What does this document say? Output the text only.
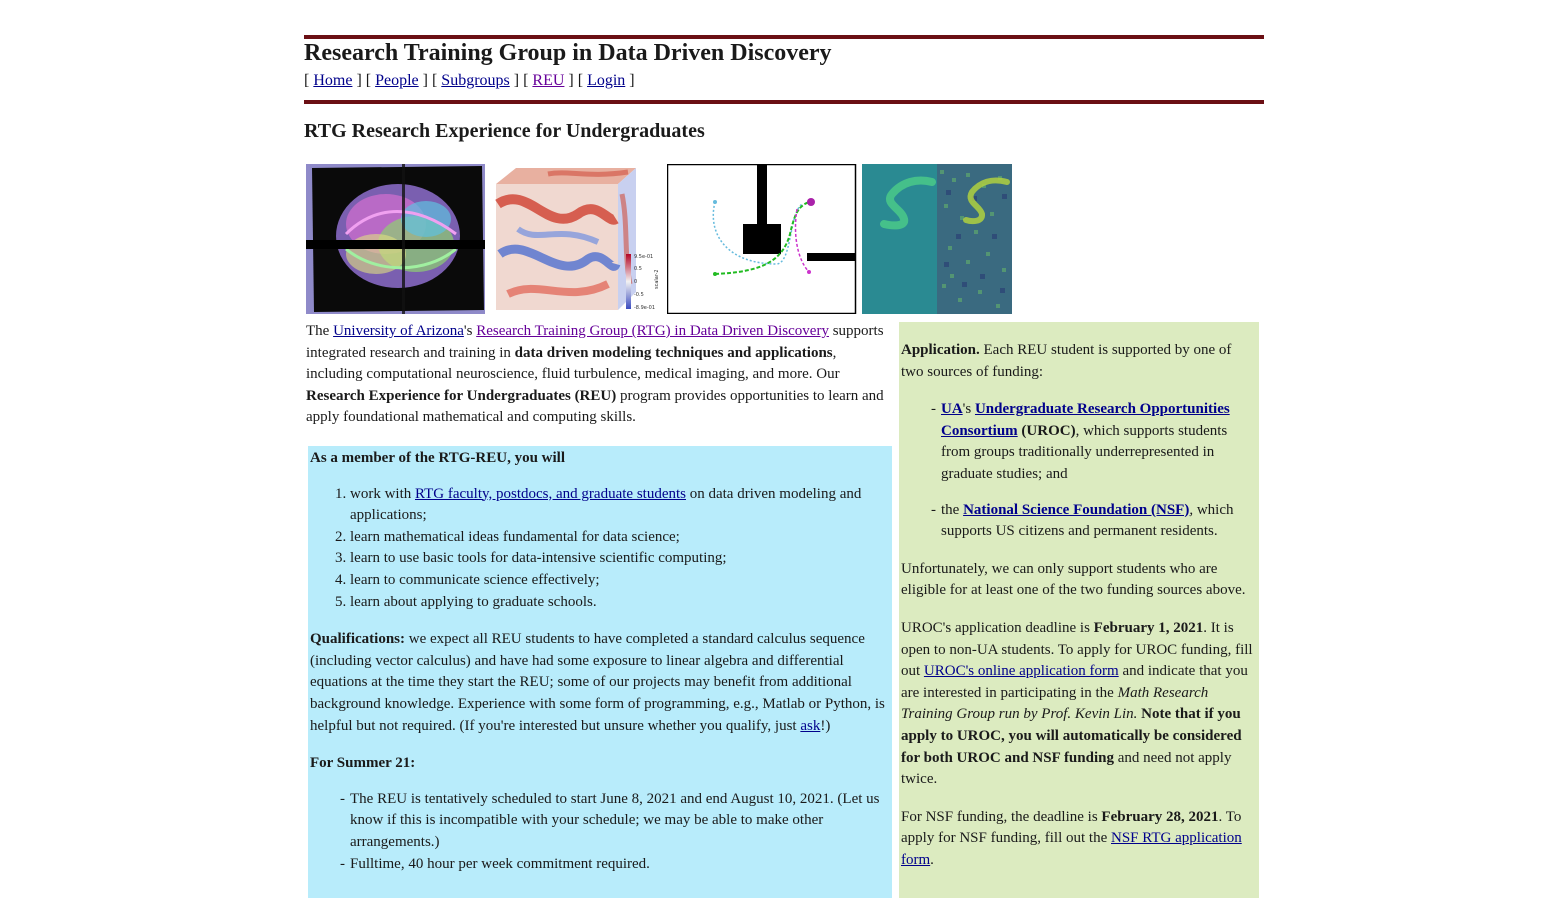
Research Training Group in Data Driven Discovery
[ Home ] [ People ] [ Subgroups ] [ REU ] [ Login ]
RTG Research Experience for Undergraduates
9.5e-01
0.5
0
-0.5
-8.9e-01
scalar-2

The University of Arizona's Research Training Group (RTG) in Data Driven Discovery supports integrated research and training in data driven modeling techniques and applications, including computational neuroscience, fluid turbulence, medical imaging, and more. Our Research Experience for Undergraduates (REU) program provides opportunities to learn and apply foundational mathematical and computing skills.

As a member of the RTG-REU, you will

1. work with RTG faculty, postdocs, and graduate students on data driven modeling and applications;
2. learn mathematical ideas fundamental for data science;
3. learn to use basic tools for data-intensive scientific computing;
4. learn to communicate science effectively;
5. learn about applying to graduate schools.

Qualifications: we expect all REU students to have completed a standard calculus sequence (including vector calculus) and have had some exposure to linear algebra and differential equations at the time they start the REU; some of our projects may benefit from additional background knowledge. Experience with some form of programming, e.g., Matlab or Python, is helpful but not required. (If you're interested but unsure whether you qualify, just ask!)

For Summer 21:

- The REU is tentatively scheduled to start June 8, 2021 and end August 10, 2021. (Let us know if this is incompatible with your schedule; we may be able to make other arrangements.)
- Fulltime, 40 hour per week commitment required.

Application. Each REU student is supported by one of two sources of funding:

- UA's Undergraduate Research Opportunities Consortium (UROC), which supports students from groups traditionally underrepresented in graduate studies; and
- the National Science Foundation (NSF), which supports US citizens and permanent residents.

Unfortunately, we can only support students who are eligible for at least one of the two funding sources above.

UROC's application deadline is February 1, 2021. It is open to non-UA students. To apply for UROC funding, fill out UROC's online application form and indicate that you are interested in participating in the Math Research Training Group run by Prof. Kevin Lin. Note that if you apply to UROC, you will automatically be considered for both UROC and NSF funding and need not apply twice.

For NSF funding, the deadline is February 28, 2021. To apply for NSF funding, fill out the NSF RTG application form.
